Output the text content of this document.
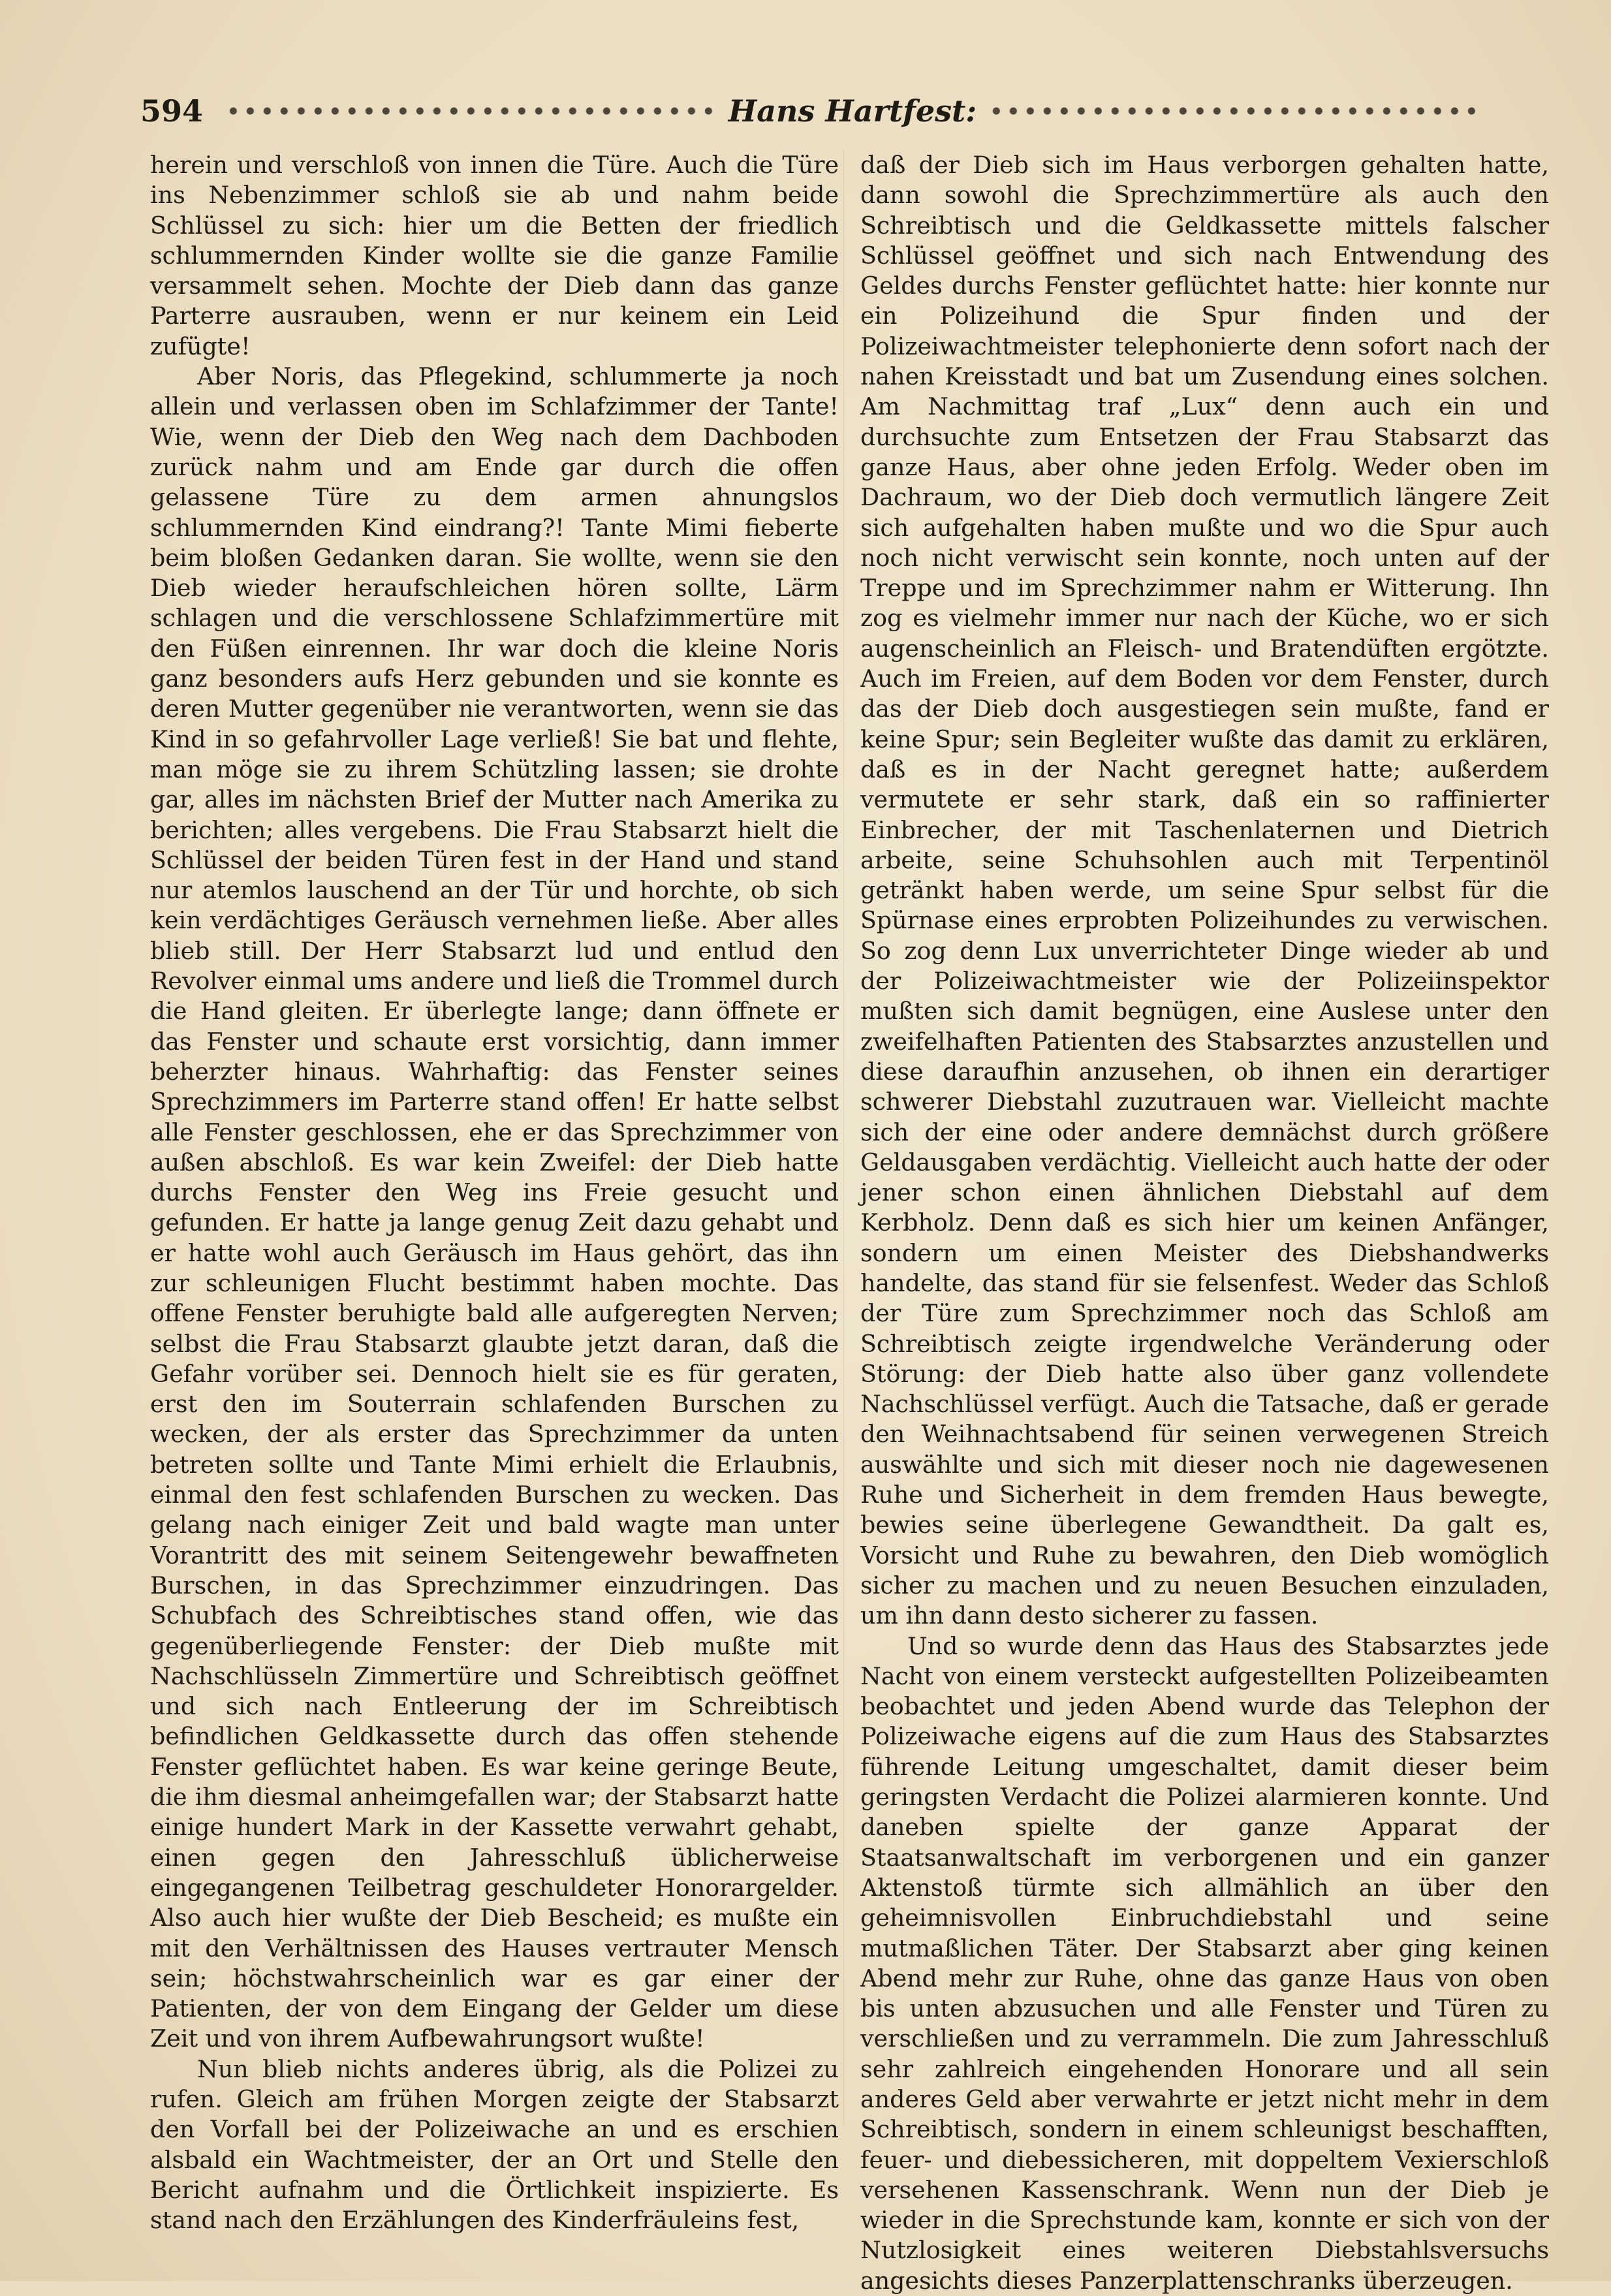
594	Hans Hartfest:

herein und verschloß von innen die Türe. Auch die Türe ins Nebenzimmer schloß sie ab und nahm beide Schlüssel zu sich: hier um die Betten der friedlich schlummernden Kinder wollte sie die ganze Familie versammelt sehen. Mochte der Dieb dann das ganze Parterre ausrauben, wenn er nur keinem ein Leid zufügte!

Aber Noris, das Pflegekind, schlummerte ja noch allein und verlassen oben im Schlafzimmer der Tante! Wie, wenn der Dieb den Weg nach dem Dachboden zurück nahm und am Ende gar durch die offen gelassene Türe zu dem armen ahnungslos schlummernden Kind eindrang?! Tante Mimi fieberte beim bloßen Gedanken daran. Sie wollte, wenn sie den Dieb wieder heraufschleichen hören sollte, Lärm schlagen und die verschlossene Schlafzimmertüre mit den Füßen einrennen. Ihr war doch die kleine Noris ganz besonders aufs Herz gebunden und sie konnte es deren Mutter gegenüber nie verantworten, wenn sie das Kind in so gefahrvoller Lage verließ! Sie bat und flehte, man möge sie zu ihrem Schützling lassen; sie drohte gar, alles im nächsten Brief der Mutter nach Amerika zu berichten; alles vergebens. Die Frau Stabsarzt hielt die Schlüssel der beiden Türen fest in der Hand und stand nur atemlos lauschend an der Tür und horchte, ob sich kein verdächtiges Geräusch vernehmen ließe. Aber alles blieb still. Der Herr Stabsarzt lud und entlud den Revolver einmal ums andere und ließ die Trommel durch die Hand gleiten. Er überlegte lange; dann öffnete er das Fenster und schaute erst vorsichtig, dann immer beherzter hinaus. Wahrhaftig: das Fenster seines Sprechzimmers im Parterre stand offen! Er hatte selbst alle Fenster geschlossen, ehe er das Sprechzimmer von außen abschloß. Es war kein Zweifel: der Dieb hatte durchs Fenster den Weg ins Freie gesucht und gefunden. Er hatte ja lange genug Zeit dazu gehabt und er hatte wohl auch Geräusch im Haus gehört, das ihn zur schleunigen Flucht bestimmt haben mochte. Das offene Fenster beruhigte bald alle aufgeregten Nerven; selbst die Frau Stabsarzt glaubte jetzt daran, daß die Gefahr vorüber sei. Dennoch hielt sie es für geraten, erst den im Souterrain schlafenden Burschen zu wecken, der als erster das Sprechzimmer da unten betreten sollte und Tante Mimi erhielt die Erlaubnis, einmal den fest schlafenden Burschen zu wecken. Das gelang nach einiger Zeit und bald wagte man unter Vorantritt des mit seinem Seitengewehr bewaffneten Burschen, in das Sprechzimmer einzudringen. Das Schubfach des Schreibtisches stand offen, wie das gegenüberliegende Fenster: der Dieb mußte mit Nachschlüsseln Zimmertüre und Schreibtisch geöffnet und sich nach Entleerung der im Schreibtisch befindlichen Geldkassette durch das offen stehende Fenster geflüchtet haben. Es war keine geringe Beute, die ihm diesmal anheimgefallen war; der Stabsarzt hatte einige hundert Mark in der Kassette verwahrt gehabt, einen gegen den Jahresschluß üblicherweise eingegangenen Teilbetrag geschuldeter Honorargelder. Also auch hier wußte der Dieb Bescheid; es mußte ein mit den Verhältnissen des Hauses vertrauter Mensch sein; höchstwahrscheinlich war es gar einer der Patienten, der von dem Eingang der Gelder um diese Zeit und von ihrem Aufbewahrungsort wußte!

Nun blieb nichts anderes übrig, als die Polizei zu rufen. Gleich am frühen Morgen zeigte der Stabsarzt den Vorfall bei der Polizeiwache an und es erschien alsbald ein Wachtmeister, der an Ort und Stelle den Bericht aufnahm und die Örtlichkeit inspizierte. Es stand nach den Erzählungen des Kinderfräuleins fest,

daß der Dieb sich im Haus verborgen gehalten hatte, dann sowohl die Sprechzimmertüre als auch den Schreibtisch und die Geldkassette mittels falscher Schlüssel geöffnet und sich nach Entwendung des Geldes durchs Fenster geflüchtet hatte: hier konnte nur ein Polizeihund die Spur finden und der Polizeiwachtmeister telephonierte denn sofort nach der nahen Kreisstadt und bat um Zusendung eines solchen. Am Nachmittag traf „Lux“ denn auch ein und durchsuchte zum Entsetzen der Frau Stabsarzt das ganze Haus, aber ohne jeden Erfolg. Weder oben im Dachraum, wo der Dieb doch vermutlich längere Zeit sich aufgehalten haben mußte und wo die Spur auch noch nicht verwischt sein konnte, noch unten auf der Treppe und im Sprechzimmer nahm er Witterung. Ihn zog es vielmehr immer nur nach der Küche, wo er sich augenscheinlich an Fleisch- und Bratendüften ergötzte. Auch im Freien, auf dem Boden vor dem Fenster, durch das der Dieb doch ausgestiegen sein mußte, fand er keine Spur; sein Begleiter wußte das damit zu erklären, daß es in der Nacht geregnet hatte; außerdem vermutete er sehr stark, daß ein so raffinierter Einbrecher, der mit Taschenlaternen und Dietrich arbeite, seine Schuhsohlen auch mit Terpentinöl getränkt haben werde, um seine Spur selbst für die Spürnase eines erprobten Polizeihundes zu verwischen. So zog denn Lux unverrichteter Dinge wieder ab und der Polizeiwachtmeister wie der Polizeiinspektor mußten sich damit begnügen, eine Auslese unter den zweifelhaften Patienten des Stabsarztes anzustellen und diese daraufhin anzusehen, ob ihnen ein derartiger schwerer Diebstahl zuzutrauen war. Vielleicht machte sich der eine oder andere demnächst durch größere Geldausgaben verdächtig. Vielleicht auch hatte der oder jener schon einen ähnlichen Diebstahl auf dem Kerbholz. Denn daß es sich hier um keinen Anfänger, sondern um einen Meister des Diebshandwerks handelte, das stand für sie felsenfest. Weder das Schloß der Türe zum Sprechzimmer noch das Schloß am Schreibtisch zeigte irgendwelche Veränderung oder Störung: der Dieb hatte also über ganz vollendete Nachschlüssel verfügt. Auch die Tatsache, daß er gerade den Weihnachtsabend für seinen verwegenen Streich auswählte und sich mit dieser noch nie dagewesenen Ruhe und Sicherheit in dem fremden Haus bewegte, bewies seine überlegene Gewandtheit. Da galt es, Vorsicht und Ruhe zu bewahren, den Dieb womöglich sicher zu machen und zu neuen Besuchen einzuladen, um ihn dann desto sicherer zu fassen.

Und so wurde denn das Haus des Stabsarztes jede Nacht von einem versteckt aufgestellten Polizeibeamten beobachtet und jeden Abend wurde das Telephon der Polizeiwache eigens auf die zum Haus des Stabsarztes führende Leitung umgeschaltet, damit dieser beim geringsten Verdacht die Polizei alarmieren konnte. Und daneben spielte der ganze Apparat der Staatsanwaltschaft im verborgenen und ein ganzer Aktenstoß türmte sich allmählich an über den geheimnisvollen Einbruchdiebstahl und seine mutmaßlichen Täter. Der Stabsarzt aber ging keinen Abend mehr zur Ruhe, ohne das ganze Haus von oben bis unten abzusuchen und alle Fenster und Türen zu verschließen und zu verrammeln. Die zum Jahresschluß sehr zahlreich eingehenden Honorare und all sein anderes Geld aber verwahrte er jetzt nicht mehr in dem Schreibtisch, sondern in einem schleunigst beschafften, feuer- und diebessicheren, mit doppeltem Vexierschloß versehenen Kassenschrank. Wenn nun der Dieb je wieder in die Sprechstunde kam, konnte er sich von der Nutzlosigkeit eines weiteren Diebstahlsversuchs angesichts dieses Panzerplattenschranks überzeugen.
